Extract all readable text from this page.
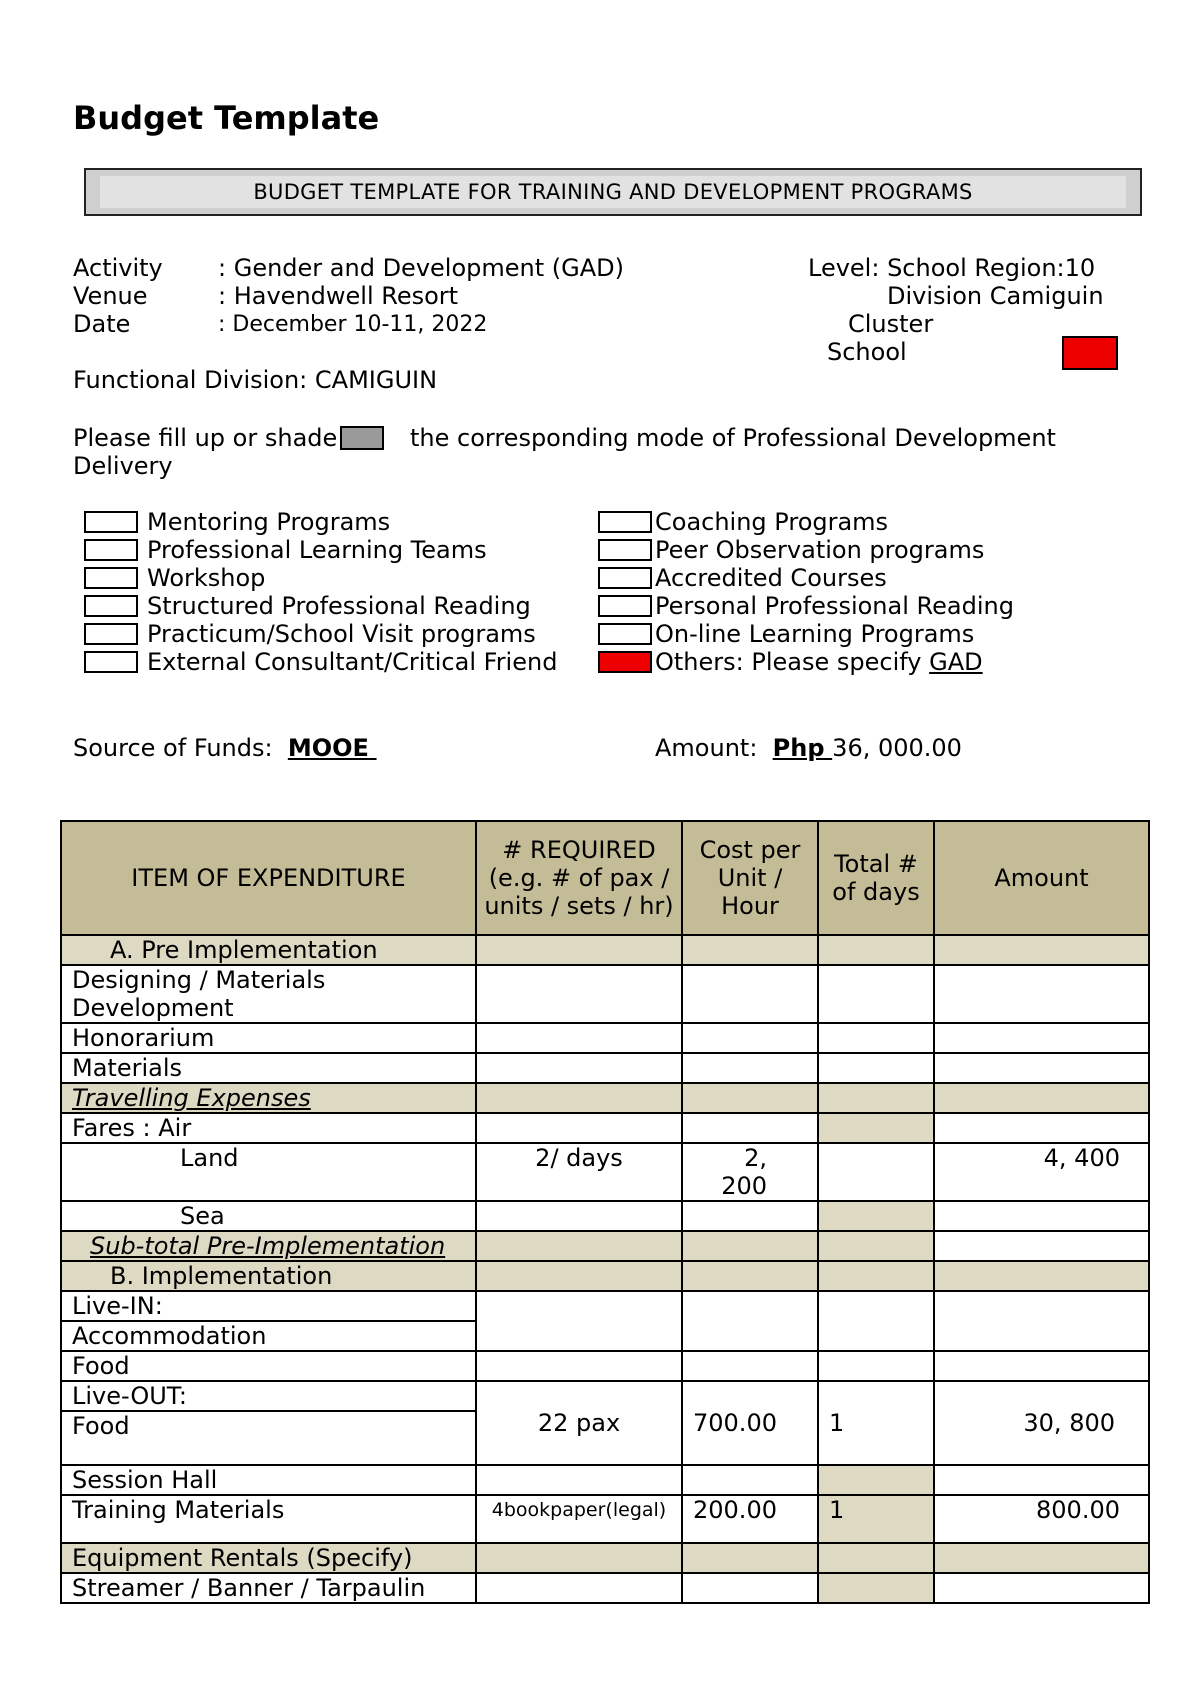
Budget Template
BUDGET TEMPLATE FOR TRAINING AND DEVELOPMENT PROGRAMS
Activity : Gender and Development (GAD)
Venue	: Havendwell Resort
Date	: December 10-11, 2022
Level: School Region:10
Division Camiguin
Cluster
School
Functional Division: CAMIGUIN
Please fill up or shade	the corresponding mode of Professional Development
Delivery
Mentoring Programs
Professional Learning Teams
Workshop
Structured Professional Reading
Practicum/School Visit programs
External Consultant/Critical Friend
Coaching Programs
Peer Observation programs
Accredited Courses
Personal Professional Reading
On-line Learning Programs
Others: Please specify GAD
Source of Funds: MOOE	Amount: Php 36, 000.00
ITEM OF EXPENDITURE	# REQUIRED (e.g. # of pax / units / sets / hr)	Cost per Unit / Hour	Total # of days	Amount
A. Pre Implementation				
Designing / Materials Development				
Honorarium				
Materials				
Travelling Expenses				
Fares : Air				
Land	2/ days	2, 200		4, 400
Sea				
Sub-total Pre-Implementation				
B. Implementation				
Live-IN:				
Accommodation				
Food				
Live-OUT:	22 pax	700.00	1	30, 800

Food				
Session Hall				
Training Materials	4bookpaper(legal)	200.00	1	800.00
Equipment Rentals (Specify)				
Streamer / Banner / Tarpaulin				
